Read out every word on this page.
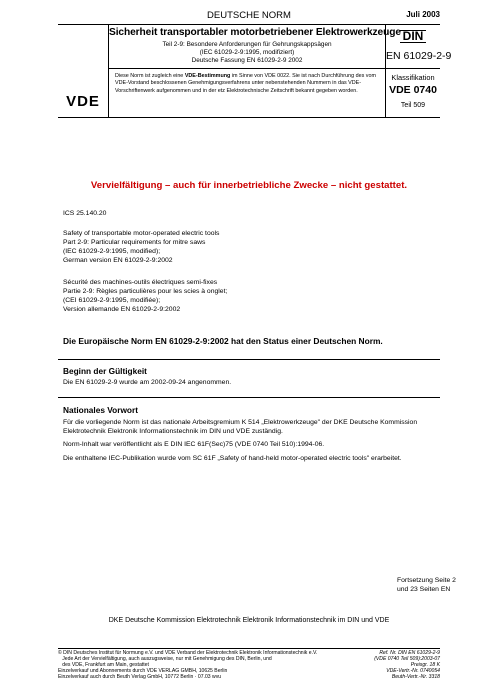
DEUTSCHE NORM	Juli 2003
VDE
Sicherheit transportabler motorbetriebener Elektrowerkzeuge
Teil 2-9: Besondere Anforderungen für Gehrungskappsägen
(IEC 61029-2-9:1995, modifiziert)
Deutsche Fassung EN 61029-2-9 2002
DIN
EN 61029-2-9
Diese Norm ist zugleich eine VDE-Bestimmung im Sinne von VDE 0022. Sie ist nach Durchführung des vom VDE-Vorstand beschlossenen Genehmigungsverfahrens unter nebenstehenden Nummern in das VDE-Vorschriftenwerk aufgenommen und in der etz Elektrotechnische Zeitschrift bekannt gegeben worden.
Klassifikation
VDE 0740
Teil 509
Vervielfältigung – auch für innerbetriebliche Zwecke – nicht gestattet.
ICS 25.140.20
Safety of transportable motor-operated electric tools
Part 2-9: Particular requirements for mitre saws
(IEC 61029-2-9:1995, modified);
German version EN 61029-2-9:2002
Sécurité des machines-outils électriques semi-fixes
Partie 2-9: Règles particulières pour les scies à onglet;
(CEI 61029-2-9:1995, modifiée);
Version allemande EN 61029-2-9:2002
Die Europäische Norm EN 61029-2-9:2002 hat den Status einer Deutschen Norm.
Beginn der Gültigkeit
Die EN 61029-2-9 wurde am 2002-09-24 angenommen.
Nationales Vorwort
Für die vorliegende Norm ist das nationale Arbeitsgremium K 514 „Elektrowerkzeuge" der DKE Deutsche Kommission Elektrotechnik Elektronik Informationstechnik im DIN und VDE zuständig.
Norm-Inhalt war veröffentlicht als E DIN IEC 61F(Sec)75 (VDE 0740 Teil 510):1994-06.
Die enthaltene IEC-Publikation wurde vom SC 61F „Safety of hand-held motor-operated electric tools" erarbeitet.
Fortsetzung Seite 2
und 23 Seiten EN
DKE Deutsche Kommission Elektrotechnik Elektronik Informationstechnik im DIN und VDE
© DIN Deutsches Institut für Normung e.V. und VDE Verband der Elektrotechnik Elektronik Informationstechnik e.V.
Jede Art der Vervielfältigung, auch auszugsweise, nur mit Genehmigung des DIN, Berlin, und
des VDE, Frankfurt am Main, gestattet
Einzelverkauf und Abonnements durch VDE VERLAG GMBH, 10625 Berlin
Einzelverkauf auch durch Beuth Verlag GmbH, 10772 Berlin · 07.03 wvu
Ref. Nr. DIN EN 61029-2-9
(VDE 0740 Teil 509):2003-07
Preisgr. 18 K
VDE-Vertr.-Nr. 0740054
Beuth-Vertr.-Nr. 3318
